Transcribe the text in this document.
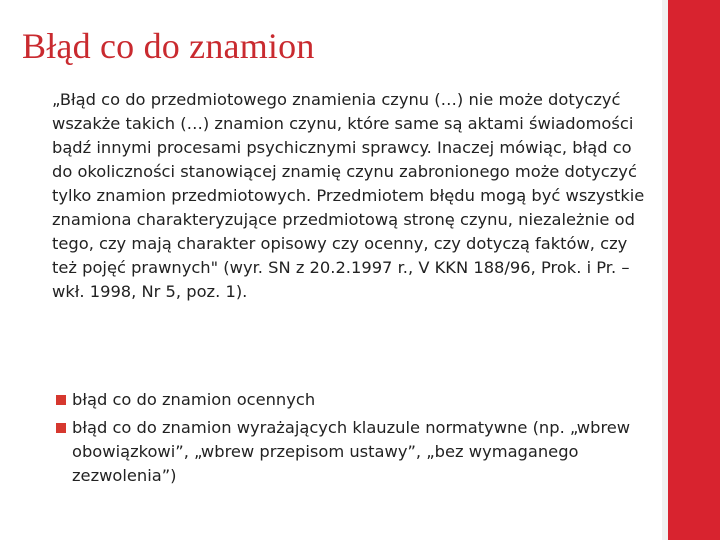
Błąd co do znamion

„Błąd co do przedmiotowego znamienia czynu (…) nie może dotyczyć wszakże takich (…) znamion czynu, które same są aktami świadomości bądź innymi procesami psychicznymi sprawcy. Inaczej mówiąc, błąd co do okoliczności stanowiącej znamię czynu zabronionego może dotyczyć tylko znamion przedmiotowych. Przedmiotem błędu mogą być wszystkie znamiona charakteryzujące przedmiotową stronę czynu, niezależnie od tego, czy mają charakter opisowy czy ocenny, czy dotyczą faktów, czy też pojęć prawnych" (wyr. SN z 20.2.1997 r., V KKN 188/96, Prok. i Pr. – wkł. 1998, Nr 5, poz. 1).

błąd co do znamion ocennych
błąd co do znamion wyrażających klauzule normatywne (np. „wbrew obowiązkowi”, „wbrew przepisom ustawy”, „bez wymaganego zezwolenia”)
